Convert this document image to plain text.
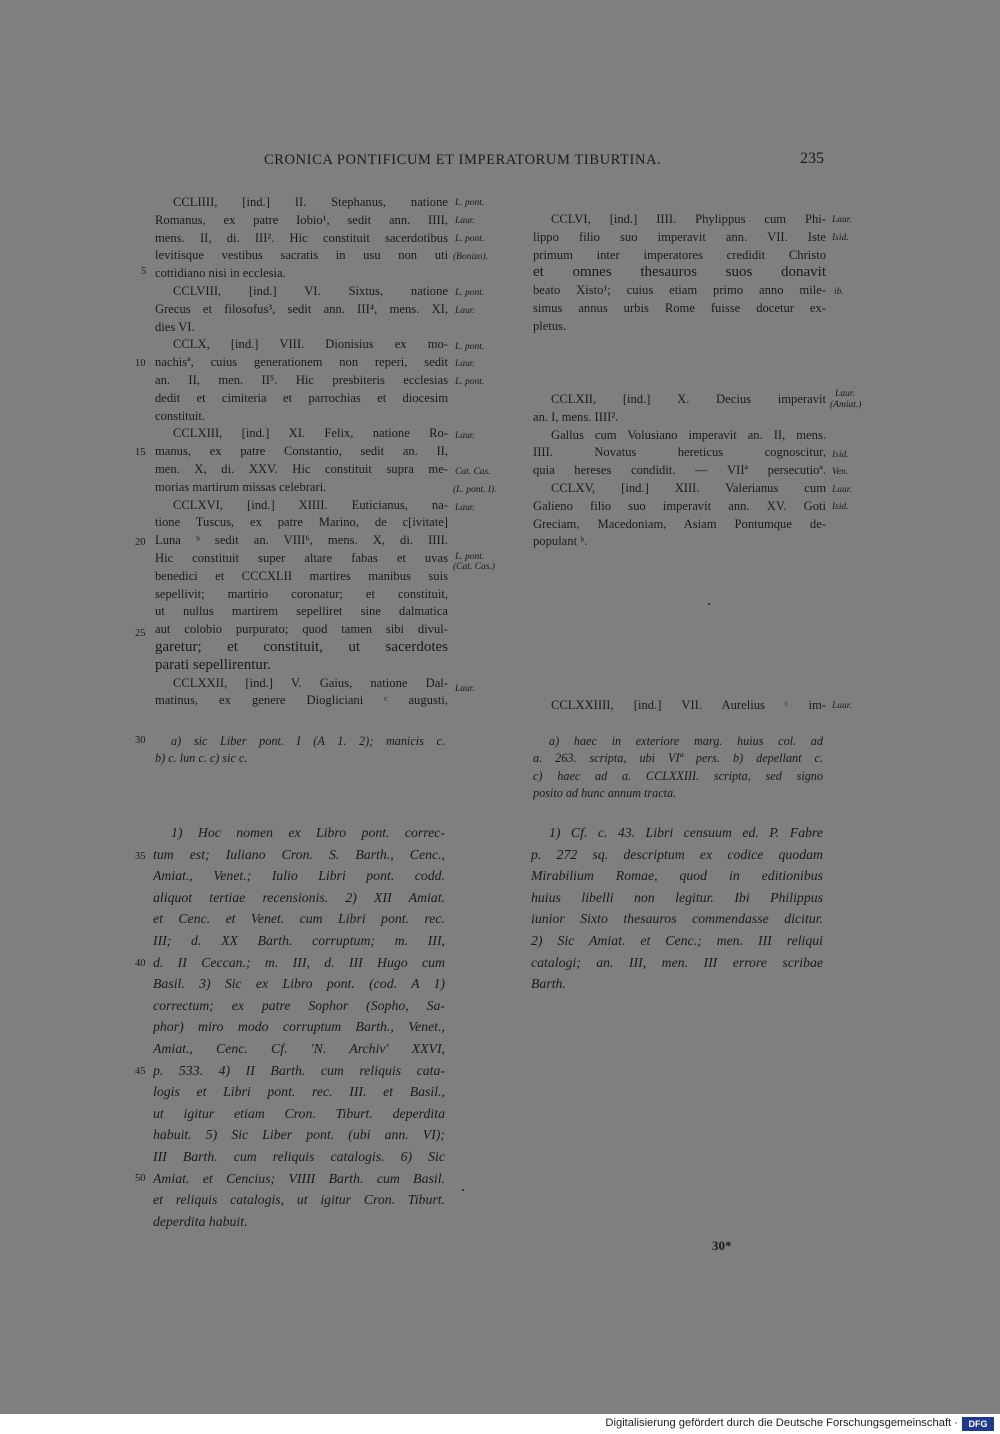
CRONICA PONTIFICUM ET IMPERATORUM TIBURTINA.	235
CCLIIII, [ind.] II. Stephanus, natione
Romanus, ex patre Iobio¹, sedit ann. IIII,
mens. II, di. III². Hic constituit sacerdotibus
levitisque vestibus sacratis in usu non uti
cottidiano nisi in ecclesia.
CCLVIII, [ind.] VI. Sixtus, natione
Grecus et filosofus³, sedit ann. III⁴, mens. XI,
dies VI.
CCLX, [ind.] VIII. Dionisius ex mo-
nachisª, cuius generationem non reperi, sedit
an. II, men. II⁵. Hic presbiteris ecclesias
dedit et cimiteria et parrochias et diocesim
constituit.
CCLXIII, [ind.] XI. Felix, natione Ro-
manus, ex patre Constantio, sedit an. II,
men. X, di. XXV. Hic constituit supra me-
morias martirum missas celebrari.
CCLXVI, [ind.] XIIII. Euticianus, na-
tione Tuscus, ex patre Marino, de c[ivitate]
Luna ᵇ sedit an. VIII⁶, mens. X, di. IIII.
Hic constituit super altare fabas et uvas
benedici et CCCXLII martires manibus suis
sepellivit; martirio coronatur; et constituit,
ut nullus martirem sepelliret sine dalmatica
aut colobio purpurato; quod tamen sibi divul-
garetur; et constituit, ut sacerdotes
parati sepellirentur.
CCLXXII, [ind.] V. Gaius, natione Dal-
matinus, ex genere Diogliciani ᶜ augusti,
L. pont.
Laur.
L. pont.
(Bonizo).
L. pont.
Laur.
L. pont.
Laur.
L. pont.
Laur.
Cat. Cas.
(L. pont. I).
Laur.
L. pont.
(Cat. Cas.)
Laur.
5
10
15
20
25
30
35
40
45
50
CCLVI, [ind.] IIII. Phylippus cum Phi-
lippo filio suo imperavit ann. VII. Iste
primum inter imperatores credidit Christo
et omnes thesauros suos donavit
beato Xisto¹; cuius etiam primo anno mile-
simus annus urbis Rome fuisse docetur ex-
pletus.
CCLXII, [ind.] X. Decius imperavit
an. I, mens. IIII².
Gallus cum Volusiano imperavit an. II, mens.
IIII. Novatus hereticus cognoscitur,
quia hereses condidit. — VIIª persecutioª.
CCLXV, [ind.] XIII. Valerianus cum
Galieno filio suo imperavit ann. XV. Goti
Greciam, Macedoniam, Asiam Pontumque de-
populant ᵇ.
CCLXXIIII, [ind.] VII. Aurelius ᶜ im-
Laur.
Isid.
ib.
Laur.
(Amiat.)
Isid.
Ven.
Laur.
Isid.
Laur.
a) sic Liber pont. I (A 1. 2); manicis c.
b) c. lun c. c) sic c.
a) haec in exteriore marg. huius col. ad
a. 263. scripta, ubi VIª pers. b) depellant c.
c) haec ad a. CCLXXIII. scripta, sed signo
posito ad hunc annum tracta.
1) Hoc nomen ex Libro pont. correc-
tum est; Iuliano Cron. S. Barth., Cenc.,
Amiat., Venet.; Iulio Libri pont. codd.
aliquot tertiae recensionis. 2) XII Amiat.
et Cenc. et Venet. cum Libri pont. rec.
III; d. XX Barth. corruptum; m. III,
d. II Ceccan.; m. III, d. III Hugo cum
Basil. 3) Sic ex Libro pont. (cod. A 1)
correctum; ex patre Sophor (Sopho, Sa-
phor) miro modo corruptum Barth., Venet.,
Amiat., Cenc. Cf. 'N. Archiv' XXVI,
p. 533. 4) II Barth. cum reliquis cata-
logis et Libri pont. rec. III. et Basil.,
ut igitur etiam Cron. Tiburt. deperdita
habuit. 5) Sic Liber pont. (ubi ann. VI);
III Barth. cum reliquis catalogis. 6) Sic
Amiat. et Cencius; VIIII Barth. cum Basil.
et reliquis catalogis, ut igitur Cron. Tiburt.
deperdita habuit.
1) Cf. c. 43. Libri censuum ed. P. Fabre
p. 272 sq. descriptum ex codice quodam
Mirabilium Romae, quod in editionibus
huius libelli non legitur. Ibi Philippus
iunior Sixto thesauros commendasse dicitur.
2) Sic Amiat. et Cenc.; men. III reliqui
catalogi; an. III, men. III errore scribae
Barth.
30*
Digitalisierung gefördert durch die Deutsche Forschungsgemeinschaft ·	DFG
